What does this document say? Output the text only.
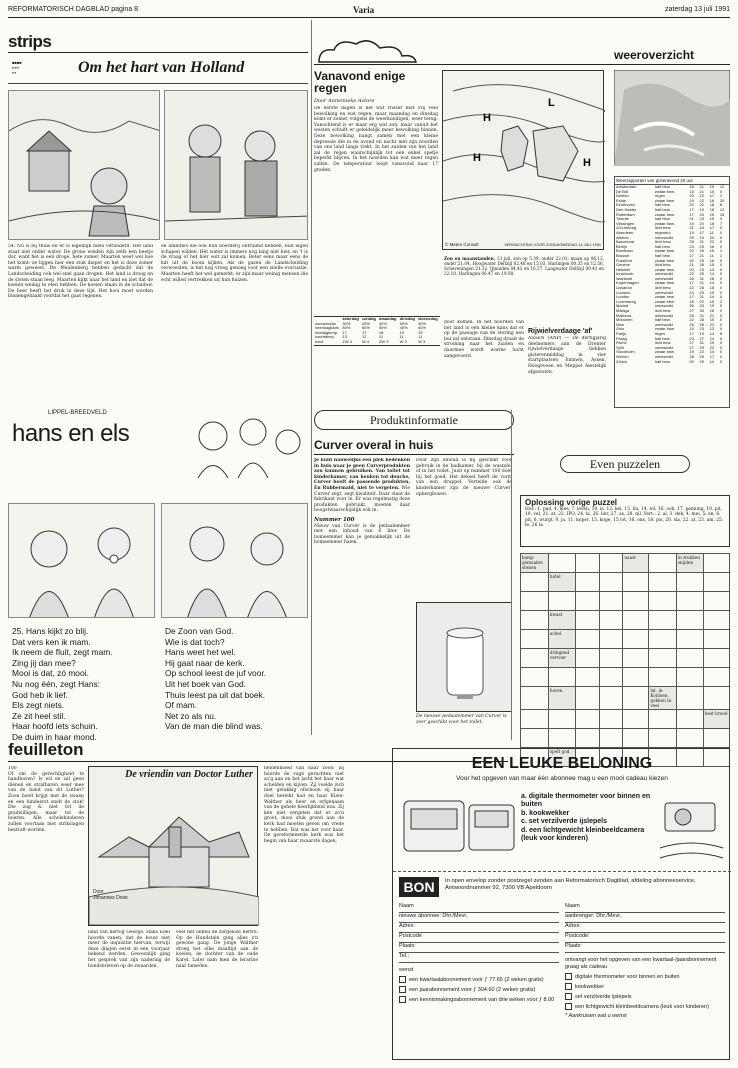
REFORMATORISCH DAGBLAD pagina 8	Varia	zaterdag 13 juli 1991
strips
■■■■
▪▪▪▪▪
▪▪▪	Om het hart van Holland
54. Nu is bij thuis en er is eigenlijk niets veranderd. Het land staat niet onder water. De grone weiden zijn zelfs een beetje dor, want het is een droge, hete zomer. Maarten weet wel hoe het komt: ze liggen hier een stuk dieper en het is deze zomer warm geweest. De Meulenberg hebben gedacht dat de Landscheiding ook wel snel gaan drogen. Het land is droog en de sloten staan leeg. Maarten kijkt naar het land en ziet dat de koeien weinig te eten hebben. De koeien staan in de schaduw. De boer heeft het druk in deze tijd. Het hooi moet worden binnengehaald voordat het gaat regenen.
en ambities die ook hun boerderij ontruimd hebben, hun eigen schapen wilden. Het water is immers nog lang niet hier, en 't is de vraag of het hier ooit zal komen. Beter eens maar eens de kat uit de boom kijken. Als de gazen de Landscheiding verwoesten, is het nog vroeg genoeg voor een snelle evacuatie. Maarten heeft het wel gemerkt: er zijn maar weinig mensen die echt willen vertrekken uit hun huizen.
LIPPEL-BREEDVELD
hans en els
25. Hans kijkt zo blij.
Dat vers ken ik mam.
Ik neem de fluit, zegt mam.
Zing jij dan mee?
Mooi is dat, zó mooi.
Nu nog één, zegt Hans:
God heb ik lief.
Els zegt niets.
Ze zit heel stil.
Haar hoofd iets schuin.
De duim in haar mond.
De Zoon van God.
Wie is dat toch?
Hans weet het wel.
Hij gaat naar de kerk.
Op school leest de juf voor.
Uit het boek van God.
Thuis leest pa uit dat boek.
Of mam.
Net zo als nu.
Van de man die blind was.
feuilleton
100
Of om de gerechtigheid te handhaven? Is wil en zal geen dienen en strafbaren weer mee van de hand van dit Luther? Zoon hoed krijgt met de zwaep en een kindeerst snelt de stok! Die zag & niet tot de gradwilligen, maar tot de boeren. Alle scholekinderen zullen voortaan met strikslagen bestraft worden.
De vriendin van Doctor Luther
Door
Johannes Dose
land van hertog George. Hans Edel hoorde vanen, dat de bouw niet meer de inquisitie hiervan, terwijl deze dingen eerst in een voorjaar bekend werden. Gewoonlijk ging het gesprek van zijn nadering de bondsbrieven op de zwaarden.
veel het onheil de zorgeloze hertrs. Op de Hundstein ging alles z'n gewone gang. De jonge Walther droeg het elke maaltijd aan de koeien, de dochter van de oude Karel. Later nam men de lerarine naar beneden.
heldenmoed van haar zoon; zij hoorde de vage geruchten niet zo'g aan en het lacht het haar wat schelden en kijven. Zij voelde zich niet gelukkig ofschoon zij haar doel bereikt had en haar Klein-Walther als heer en erfgenaam van de gehele heerlijkheid was. Zij ken niet vergeten dat er zo'n groot, mooi stuk grond aan de kerk had moeten geven om vrede te hebben. Dat was het voor haar. De gereformeerde kerk was het begin van haar zwaarste dagen.
weeroverzicht
Vanavond enige regen
Door Annemieke Astore
De eerste dagen is het wat frisser met vrij veel bewolking en wat regen, maar maandag en dinsdag komt er zomer, volgens de weerkundigen, weer terug. Vanochtend is er maar erg wat zon, maar vanuit het westen schuift er geleidelijk meer bewolking binnen. Deze bewolking hangt samen met een kleine depressie die in de avond en nacht met zijn noorden van ons land langs trekt. In het zuiden van het land zal de regen waarschijnlijk tot een enkel spetje beperkt blijven. In het noorden kan wat meer regen vallen. De temperatuur loopt vanavond naar 17 graden.
H
H
L
H
© Meteo Consult	VERWACHTING VOOR ZONDAGMIDDAG 14 JULI 1991
	zaterdag	zondag	maandag	dinsdag	woensdag
zonneschijn	30%	20%	40%	50%	40%
neerslagkans	80%	60%	50%	40%	40%
middagtemp.	17	17	18	19	19
nachttemp.	13	12	11	11	11
wind	ZW 4	W 4	ZW 3	W 3	W 3
Zon en maanstanden: 13 juli, zon op 5.39, onder 22.01; maan op 06.12, onder 21.04. Hoogwater Delfzijl 02.46 en 15.03, Harlingen 00.35 en 12.56, Scheveningen 21.32, IJmuiden 04.43 en 16.57. Laagwater Delfzijl 09.43 en 22.10, Harlingen 06.47 en 19.08.
door komen. In het noorden van het land is een kleine kans dat er op de passage van de storing een bui zal ontstaan. Dinsdag draait de stroming naar het zuiden en daarmee wordt warme lucht aangevoerd.
Rijwielverdaage 'af'
ASSEN (ANP) — De dertigjarig deelnemers aan de Drenter rijwielverdaage hebben gisterenmiddag in vier startplaatsen Emmen, Assen, Hoogeveen en Meppel feestelijk afgesloten.
Weerrapporten van gisteravond 20 uur
Amsterdam	half bew.	16	21	15	12
De Bilt	zwaar bew.	15	21	15	0
Deelen	regen	20	22	17	1
Eelde	zwaar bew.	19	22	16	20
Eindhoven	half bew.	20	22	18	8
Den Helder	half bew.	17	19	16	12
Rotterdam	zwaar bew.	17	20	15	15
Twente	half bew.	21	23	15	3
Vlissingen	zwaar bew.	19	20	16	7
Zd.Limburg	licht bew.	21	24	17	0
Aberdeen	regenbui	19	17	11	0
Athene	onbewolkt	29	24	24	0
Barcelona	licht bew.	28	31	22	0
Berlijn	half bew.	23	25	16	0
Bordeaux	zwaar bew.	20	26	15	1
Brussel	half bew.	17	21	11	1
Frankfort	zwaar bew.	20	25	16	0
Genève	licht bew.	21	26	15	0
Helsinki	zwaar bew.	20	23	13	0
Innsbruck	onbewolkt	22	25	14	0
Istanboel	onbewolkt	26	31	18	0
Kopenhagen	zwaar bew.	17	21	14	0
Lissabon	licht bew.	22	26	16	0
Locarno	onbewolkt	24	29	19	0
Londen	zwaar bew.	17	21	14	0
Luxemburg	zwaar bew.	18	22	15	2
Madrid	onbewolkt	30	33	19	0
Malaga	licht bew.	27	30	18	0
Mallorca	onbewolkt	28	31	21	0
München	half bew.	22	28	15	0
Nice	onbewolkt	26	28	21	0
Oslo	zwaar bew.	19	23	13	0
Parijs	regen	17	19	14	8
Praag	half bew.	23	27	14	0
Rome	licht bew.	27	31	19	0
Split	onbewolkt	27	29	22	0
Stockholm	zwaar bew.	19	22	14	0
Wenen	onbewolkt	26	29	17	0
Zürich	half bew.	20	25	14	0
Produktinformatie
Curver overal in huis
Je kunt nauwelijks een plek bedenken in huis waar je geen Curverprodukten zou kunnen gebruiken. Van toilet tot kinderkamer, van keuken tot douche, Curver heeft de passende produkten. En Rubbermaid, niet te vergeten. Wie Curver zegt, zegt kwaliteit. Daar staat de fabrikant voor in. Er was regelmatig deze produkten gebruikt, moeten daar hoogstwaarschijnlijk ook in.
Nummer 100
Nieuw van Curver is de pedaalemmer met een inhoud van 6 liter. De homeemmer kan je gemakkelijk uit de homeemmer halen.
Door zijn inhoud is hij geschikt voor gebruik in de badkamer, bij de wastafel of in het toilet. Juist op nummer 100 doet hij het goed. Het deksel heeft de vorm van een druppel. Vertelde ook de kinderkamer zijn de nieuwe Curver-opbergboxen.
De nieuwe pedaalemmer van Curver is zeer geschikt voor het toilet.
Even puzzelen
Oplossing vorige puzzel
Hor.: 1. pad, 4. mes, 7. leven, 10. is, 12. kei, 13. ku, 14. tol, 16. ook, 17. penning, 19. pit, 19. vel, 21. at, 22. IPO, 24. la, 26. lier, 27. as, 28. nil. Vert.: 2. al, 3. dek, 4. mei, 5. en, 6. pit, 8. wurgt, 9. ja, 11. koper, 13. koge, 15 lot, 16. ons, 18. pis, 20. sla, 22. at, 23. am, 25. le, 26 la.
kamp gemaakte stenen				naast		in stukken snijden	
	hotel						

	kwast						
	achel						
	dringend vervoer						

	horen				lat. in Koldoen, gokken in veel		
							hest brood

	spelt god						
EEN LEUKE BELONING
Voor het opgeven van maar één abonnee mag u een mooi cadeau kiezen
a. digitale thermometer voor binnen en buiten
b. kookwekker
c. set verzilverde ijslepels
d. een lichtgewicht kleinbeeldcamera (leuk voor kinderen)
BON	In open envelop zonder postzegel zenden aan Reformatorisch Dagblad, afdeling abonneeservice, Antwoordnummer 92, 7300 VB Apeldoorn
Naam
nieuwe abonnee: Dhr./Mevr.
Adres:
Postcode
Plaats:
Tel.:
wenst
een kwartaalabonnement voor ƒ 77.65 (2 weken gratis)
een jaarabonnement voor ƒ 304.60 (2 weken gratis)
een kennismakingsabonnement van drie weken voor ƒ 8.00
Naam
aanbrenger: Dhr./Mevr.
Adres:
Postcode:
Plaats:
ontvangt voor het opgeven van een kwartaal-/jaarabonnement graag als cadeau
digitale thermometer voor binnen en buiten
kookwekker
set verzilverde ijslepels
een lichtgewicht kleinbeeldcamera (leuk voor kinderen)
* Aankruisen wat u wenst
